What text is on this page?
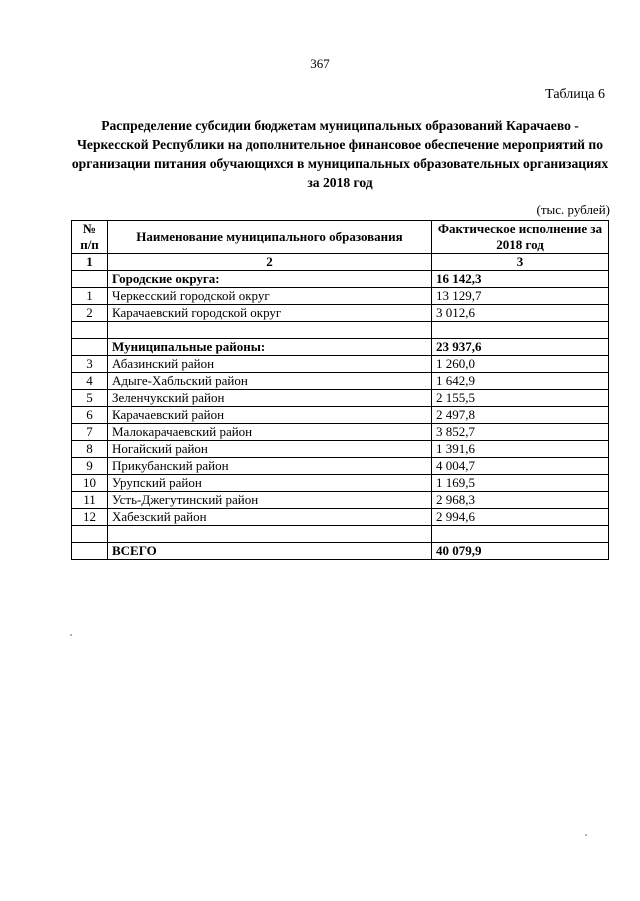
367
Таблица 6
Распределение субсидии бюджетам муниципальных образований Карачаево - Черкесской Республики на дополнительное финансовое обеспечение мероприятий по организации питания обучающихся в муниципальных образовательных организациях за 2018 год
(тыс. рублей)
№ п/п	Наименование муниципального образования	Фактическое исполнение за 2018 год
1	2	3
	Городские округа:	16 142,3
1	Черкесский городской округ	13 129,7
2	Карачаевский городской округ	3 012,6

	Муниципальные районы:	23 937,6
3	Абазинский район	1 260,0
4	Адыге-Хабльский район	1 642,9
5	Зеленчукский район	2 155,5
6	Карачаевский район	2 497,8
7	Малокарачаевский район	3 852,7
8	Ногайский район	1 391,6
9	Прикубанский район	4 004,7
10	Урупский район	1 169,5
11	Усть-Джегутинский район	2 968,3
12	Хабезский район	2 994,6

	ВСЕГО	40 079,9
